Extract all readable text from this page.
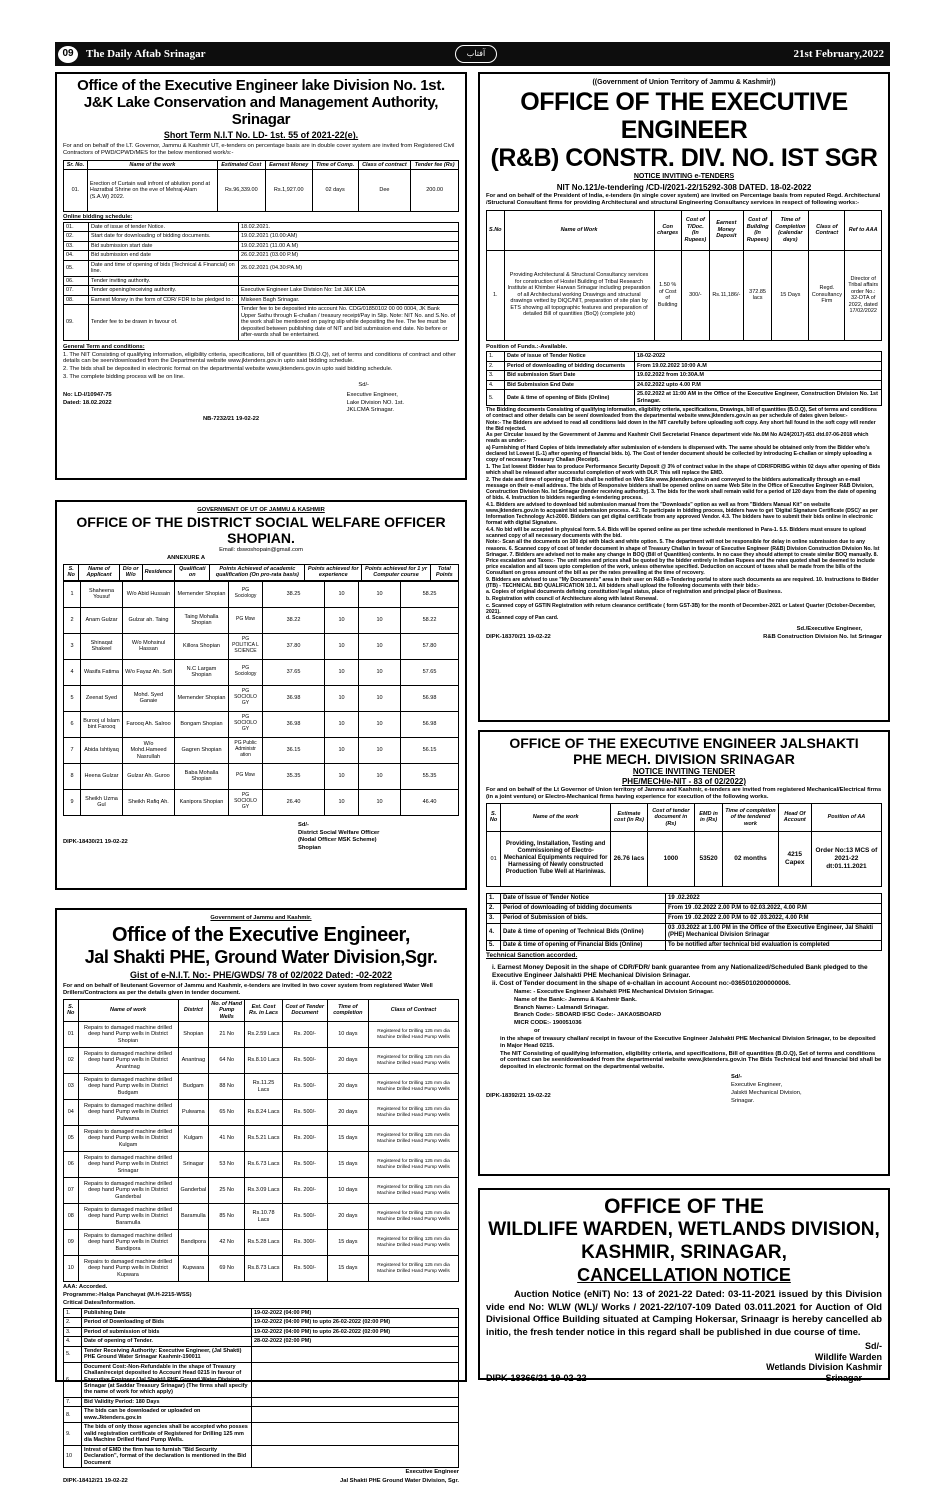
09	The Daily Aftab Srinagar	آفتاب	21st February,2022
Office of the Executive Engineer lake Division No. 1st.
J&K Lake Conservation and Management Authority, Srinagar
Short Term N.I.T No. LD- 1st. 55 of 2021-22(e).
For and on behalf of the LT. Governor, Jammu & Kashmir UT, e-tenders on percentage basis are in double cover system are invited from Registered Civil Contractors of PWD/CPWD/MES for the below mentioned work/s:-
Sr. No.	Name of the work	Estimated Cost	Earnest Money	Time of Comp.	Class of contract	Tender fee (Rs)
01.	Erection of Curtain wall infront of ablution pond at Hazratbal Shrine on the eve of Mehraj-Alam (S.A.W) 2022.	Rs.96,339.00	Rs.1,927.00	02 days	Dee	200.00
Online bidding schedule:
01.	Date of issue of tender Notice.	18.02.2021.
02.	Start date for downloading of bidding documents.	19.02.2021 (10.00:AM)
03.	Bid submission start date	19.02.2021 (11.00 A.M)
04.	Bid submission end date	26.02.2021 (03.00 P.M)
05.	Date and time of opening of bids (Technical & Financial) on line.	26.02.2021 (04.30:PA.M)
06.	Tender inviting authority.	
07.	Tender opening/receiving authority.	Executive Engineer Lake Division No: 1st J&K LDA
08.	Earnest Money in the form of CDR/ FDR to be pledged to :	Miskeen Bagh Srinagar.
09.	Tender fee to be drawn in favour of.	Tender fee to be deposited into account No. CDG/01850102 00 00 0004, JK Bank Upper Sathu through E-challan / treasury receipt/Pay in Slip. Note: NIT No. and S.No. of the work shall be mentioned on paying slip while depositing the fee. The fee must be deposited between publishing date of NIT and bid submission end date. No before or after-wards shall be entertained.
General Term and conditions:
1. The NIT Consisting of qualifying information, eligibility criteria, specifications, bill of quantities (B.O.Q), set of terms and conditions of contract and other details can be seen/downloaded from the Departmental website www.jktenders.gov.in upto said bidding schedule.
2. The bids shall be deposited in electronic format on the departmental website www.jktenders.gov.in upto said bidding schedule.
3. The complete bidding process will be on line.
Sd/-
No: LD-I/10947-75
Dated: 18.02.2022
Executive Engineer,
Lake Division NO. 1st.
JKLCMA Srinagar.
NB-7232/21 19-02-22
GOVERNMENT OF UT OF JAMMU & KASHMIR
OFFICE OF THE DISTRICT SOCIAL WELFARE OFFICER SHOPIAN.
Email: dswoshopain@gmail.com
ANNEXURE A
S. No	Name of Applicant	D/o or W/o	Residence	Qualificati on	Points Achieved of academic qualification (On pro-rata basis)	Points achieved for experience	Points achieved for 1 yr Computer course	Total Points
1	Shaheena Yousuf	W/o Abid Hussain	Memender Shopian	PG Sociology	38.25	10	10	58.25
2	Anam Gulzar	Gulzar ah. Taing	Taing Mohalla Shopian	PG Msw	38.22	10	10	58.22
3	Shinaqat Shakeel	W/o Mohsinul Hassan	Killora Shopian	PG POLITICA L SCIENCE	37.80	10	10	57.80
4	Wasifa Fatima	W/o Fayaz Ah. Sofi	N.C Largam Shopian	PG Sociology	37.65	10	10	57.65
5	Zeenat Syed	Mohd. Syed Ganaie	Memender Shopian	PG SOCIOLO GY	36.98	10	10	56.98
6	Burooj ul Islam bint Farooq	Farooq Ah. Salroo	Bongam Shopian	PG SOCIOLO GY	36.98	10	10	56.98
7	Abida Ishtiyaq	W/o Mohd.Hameed Nasrullah	Gagren Shopian	PG Public Administr ation	36.15	10	10	56.15
8	Heena Gulzar	Gulzar Ah. Guroo	Baba Mohalla Shopian	PG Msw	35.35	10	10	55.35
9	Sheikh Uzma Gul	Sheikh Rafiq Ah.	Kanipora Shopian	PG SOCIOLO GY	26.40	10	10	46.40
Sd/-
District Social Welfare Officer
(Nodal Officer MSK Scheme)
Shopian
DIPK-18430/21 19-02-22
Government of Jammu and Kashmir.
Office of the Executive Engineer,
Jal Shakti PHE, Ground Water Division,Sgr.
Gist of e-N.I.T. No:- PHE/GWDS/ 78 of 02/2022 Dated: -02-2022
For and on behalf of lieutenant Governor of Jammu and Kashmir, e-tenders are invited in two cover system from registered Water Well Drillers/Contractors as per the details given in tender document.
S. No	Name of work	District	No. of Hand Pump Wells	Est. Cost Rs. in Lacs	Cost of Tender Document	Time of completion	Class of Contract
01	Repairs to damaged machine drilled deep hand Pump wells in District Shopian	Shopian	21 No	Rs.2.59 Lacs	Rs. 200/-	10 days	Registered for Drilling 125 mm dia Machine Drilled Hand Pump Wells
02	Repairs to damaged machine drilled deep hand Pump wells in District Anantnag	Anantnag	64 No	Rs.8.10 Lacs	Rs. 500/-	20 days	Registered for Drilling 125 mm dia Machine Drilled Hand Pump Wells
03	Repairs to damaged machine drilled deep hand Pump wells in District Budgam	Budgam	88 No	Rs.11.25 Lacs	Rs. 500/-	20 days	Registered for Drilling 125 mm dia Machine Drilled Hand Pump Wells
04	Repairs to damaged machine drilled deep hand Pump wells in District Pulwama	Pulwama	65 No	Rs.8.24 Lacs	Rs. 500/-	20 days	Registered for Drilling 125 mm dia Machine Drilled Hand Pump Wells
05	Repairs to damaged machine drilled deep hand Pump wells in District Kulgam	Kulgam	41 No	Rs.5.21 Lacs	Rs. 200/-	15 days	Registered for Drilling 125 mm dia Machine Drilled Hand Pump Wells
06	Repairs to damaged machine drilled deep hand Pump wells in District Srinagar	Srinagar	53 No	Rs.6.73 Lacs	Rs. 500/-	15 days	Registered for Drilling 125 mm dia Machine Drilled Hand Pump Wells
07	Repairs to damaged machine drilled deep hand Pump wells in District Ganderbal	Ganderbal	25 No	Rs.3.09 Lacs	Rs. 200/-	10 days	Registered for Drilling 125 mm dia Machine Drilled Hand Pump Wells
08	Repairs to damaged machine drilled deep hand Pump wells in District Baramulla	Baramulla	85 No	Rs.10.78 Lacs	Rs. 500/-	20 days	Registered for Drilling 125 mm dia Machine Drilled Hand Pump Wells
09	Repairs to damaged machine drilled deep hand Pump wells in District Bandipora	Bandipora	42 No	Rs.5.28 Lacs	Rs. 300/-	15 days	Registered for Drilling 125 mm dia Machine Drilled Hand Pump Wells
10	Repairs to damaged machine drilled deep hand Pump wells in District Kupwara	Kupwara	69 No	Rs.8.73 Lacs	Rs. 500/-	15 days	Registered for Drilling 125 mm dia Machine Drilled Hand Pump Wells
AAA: Accorded.
Programme:-Halqa Panchayat (M.H-2215-WSS)
Critical Dates/Information.
1.	Publishing Date	19-02-2022 (04:00 PM)
2.	Period of Downloading of Bids	19-02-2022 (04:00 PM) to upto 26-02-2022 (02:00 PM)
3.	Period of submission of bids	19-02-2022 (04:00 PM) to upto 26-02-2022 (02:00 PM)
4.	Date of opening of Tender.	28-02-2022 (02:00 PM)
5.	Tender Receiving Authority: Executive Engineer, (Jal Shakti) PHE Ground Water Srinagar Kashmir-190011	
6.	Document Cost:-Non-Refundable in the shape of Treasury Challan/receipt deposited to Account Head 0215 in favour of Executive Engineer (Jal Shakti) PHE Ground Water Division Srinagar (at Saddar Treasury Srinagar) (The firms shall specify the name of work for which apply)	
7.	Bid Validity Period: 180 Days	
8.	The bids can be downloaded or uploaded on www.Jktenders.gov.in	
9.	The bids of only those agencies shall be accepted who posses valid registration certificate of Registered for Drilling 125 mm dia Machine Drilled Hand Pump Wells.	
10	Intrest of EMD the firm has to furnish "Bid Security Declaration", format of the declaration is mentioned in the Bid Document	
Executive Engineer
DIPK-18412/21 19-02-22	Jal Shakti PHE Ground Water Division, Sgr.
((Government of Union Territory of Jammu & Kashmir))
OFFICE OF THE EXECUTIVE ENGINEER
(R&B) CONSTR. DIV. NO. IST SGR
NOTICE INVITING e-TENDERS
NIT No.121/e-tendering /CD-I/2021-22/15292-308 DATED. 18-02-2022
For and on behalf of the President of India, e-tenders (in single cover system) are invited on Percentage basis from reputed Regd. Architectural /Structural Consultant firms for providing Architectural and structural Engineering Consultancy services in respect of following works:-
S.No	Name of Work	Con charges	Cost of T/Doc. (In Rupees)	Earnest Money Deposit	Cost of Building (In Rupees)	Time of Completion (calendar days)	Class of Contract	Ref to AAA
1.	Providing Architectural & Structural Consultancy services for construction of Hostel Building of Tribal Research Institute at Khimber Harwan Srinagar including preparation of all Architectural working Drawings and structural drawings vetted by DIQC/NIT, preparation of site plan by ETS showing all topographic features and preparation of detailed Bill of quantities (BoQ) (complete job)	1.50 % of Cost of Building	300/-	Rs.11,186/-	372.85 lacs	15 Days	Regd. Consultancy Firm	Director of Tribal affairs order No.: 32-DTA of 2022, dated 17/02/2022
Position of Funds.:-Available.
1.	Date of issue of Tender Notice	18-02-2022
2.	Period of downloading of bidding documents	From 19.02.2022 10:00 A.M
3.	Bid submission Start Date	19.02.2022 from 10:30A.M
4.	Bid Submission End Date	24.02.2022 upto 4.00 P.M
5.	Date & time of opening of Bids (Online)	25.02.2022 at 11:00 AM in the Office of the Executive Engineer, Construction Division No. 1st Srinagar.
The Bidding documents Consisting of qualifying information, eligibility criteria, specifications, Drawings, bill of quantities (B.O.Q), Set of terms and conditions of contract and other details can be seen/ downloaded from the departmental website www.jktenders.gov.in as per schedule of dates given below:-
Note:- The Bidders are advised to read all conditions laid down in the NIT carefully before uploading soft copy. Any short fall found in the soft copy will render the Bid rejected.
As per Circular issued by the Government of Jammu and Kashmir Civil Secretariat Finance department vide No.0M No A/24(2017)-651 dtd.07-06-2018 which reads as under:-
a) Furnishing of Hard Copies of bids immediately after submission of e-tenders is dispensed with. The same should be obtained only from the Bidder who's declared lst Lowest (L-1) after opening of financial bids. b). The Cost of tender document should be collected by introducing E-challan or simply uploading a copy of necessary Treasury Challan (Receipt).
1. The 1st lowest Bidder has to produce Performance Security Deposit @ 3% of contract value in the shape of CDR/FDR/BG within 02 days after opening of Bids which shall be released after successful completion of work with DLP. This will replace the EMD.
2. The date and time of opening of Bids shall be notified on Web Site www.jktenders.gov.in and conveyed to the bidders automatically through an e-mail message on their e-mail address. The bids of Responsive bidders shall be opened online on same Web Site in the Office of Executive Engineer R&B Division, Construction Division No. Ist Srinagar (tender receiving authority). 3. The bids for the work shall remain valid for a period of 120 days from the date of opening of bids. 4. Instruction to bidders regarding e-tendering process.
4.1. Bidders are advised to download bid submission manual from the "Downloads" option as well as from "Bidders Manual Kit" on website www.jktenders.gov.in to acquaint bid submission process. 4.2. To participate in bidding process, bidders have to get 'Digital Signature Certificate (DSC)' as per Information Technology Act-2000. Bidders can get digital certificate from any approved Vendor. 4.3. The bidders have to submit their bids online in electronic format with digital Signature.
4.4. No bid will be accepted in physical form. 5.4. Bids will be opened online as per time schedule mentioned in Para-1. 5.5. Bidders must ensure to upload scanned copy of all necessary documents with the bid.
Note:- Scan all the documents on 100 dpi with black and white option. 5. The department will not be responsible for delay in online submission due to any reasons. 6. Scanned copy of cost of tender document in shape of Treasury Challan in favour of Executive Engineer (R&B) Division Construction Division No. Ist Srinagar. 7. Bidders are advised not to make any change in BOQ (Bill of Quantities) contents. In no case they should attempt to create similar BOQ manually. 8. Price escalation and Taxes:- The unit rates and prices shall be quoted by the bidder entirely in Indian Rupees and the rates quoted shall be deemed to include price escalation and all taxes upto completion of the work, unless otherwise specified. Deduction on account of taxes shall be made from the bills of the Consultant on gross amount of the bill as per the rates prevailing at the time of recovery.
9. Bidders are advised to use "My Documents" area in their user on R&B e-Tendering portal to store such documents as are required. 10. Instructions to Bidder (ITB) - TECHNICAL BID QUALIFICATION 10.1. All bidders shall upload the following documents with their bids:-
a. Copies of original documents defining constitution/ legal status, place of registration and principal place of Business.
b. Registration with council of Architecture along with latest Renewal.
c. Scanned copy of GSTIN Registration with return clearance certificate ( form GST-3B) for the month of December-2021 or Latest Quarter (October-December, 2021).
d. Scanned copy of Pan card.
Sd./Executive Engineer,
DIPK-18370/21 19-02-22	R&B Construction Division No. Ist Srinagar
OFFICE OF THE EXECUTIVE ENGINEER JALSHAKTI
PHE MECH. DIVISION SRINAGAR
NOTICE INVITING TENDER
PHE/MECH/e-NIT - 83 of 02/2022)
For and on behalf of the Lt Governor of Union territory of Jammu and Kashmir, e-tenders are invited from registered Mechanical/Electrical firms (in a joint venture) or Electro-Mechanical firms having experience for execution of the following works.
S. No	Name of the work	Estimate cost (in Rs)	Cost of tender document in (Rs)	EMD in in (Rs)	Time of completion of the tendered work	Head Of Account	Position of AA
01	Providing, Installation, Testing and Commissioning of Electro-Mechanical Equipments required for Harnessing of Newly constructed Production Tube Well at Hariniwas.	26.76 lacs	1000	53520	02 months	4215 Capex	Order No:13 MCS of 2021-22 dt:01.11.2021
1.	Date of Issue of Tender Notice	19 .02.2022
2.	Period of downloading of bidding documents	From 19 .02.2022 2.00 P.M to 02.03.2022, 4.00 P.M
3.	Period of Submission of bids.	From 19 .02.2022 2.00 P.M to 02 .03.2022, 4.00 P.M
4.	Date & time of opening of Technical Bids (Online)	03 .03.2022 at 1.00 PM in the Office of the Executive Engineer, Jal Shakti (PHE) Mechanical Division Srinagar
5.	Date & time of opening of Financial Bids (Online)	To be notified after technical bid evaluation is completed
Technical Sanction accorded.
i. Earnest Money Deposit in the shape of CDR/FDR/ bank guarantee from any Nationalized/Scheduled Bank pledged to the Executive Engineer Jalshakti PHE Mechanical Division Srinagar.
ii. Cost of Tender document in the shape of e-challan in account Account no:-0365010200000006.
Name: - Executive Engineer Jalshakti PHE Mechanical Division Srinagar.
Name of the Bank:- Jammu & Kashmir Bank.
Branch Name:- Lalmandi Srinagar.
Branch Code:- SBOARD IFSC Code:- JAKA0SBOARD
MICR CODE:- 190051036
or
in the shape of treasury challan/ receipt in favour of the Executive Engineer Jalshakti PHE Mechanical Division Srinagar, to be deposited in Major Head 0215.
The NIT Consisting of qualifying information, eligibility criteria, and specifications, Bill of quantities (B.O.Q), Set of terms and conditions of contract can be seen/downloaded from the departmental website www.jktenders.gov.in The Bids Technical bid and financial bid shall be deposited in electronic format on the departmental website.
Sd/-
Executive Engineer,
Jalskti Mechanical Division,
Srinagar.
DIPK-18392/21 19-02-22
OFFICE OF THE
WILDLIFE WARDEN, WETLANDS DIVISION,
KASHMIR, SRINAGAR,
CANCELLATION NOTICE
Auction Notice (eNiT) No: 13 of 2021-22 Dated: 03-11-2021 issued by this Division vide end No: WLW (WL)/ Works / 2021-22/107-109 Dated 03.011.2021 for Auction of Old Divisional Office Building situated at Camping Hokersar, Srinaagr is hereby cancelled ab initio, the fresh tender notice in this regard shall be published in due course of time.
Sd/-
Wildlife Warden
Wetlands Division Kashmir
DIPK-18366/21 19-02-22	Srinagar
